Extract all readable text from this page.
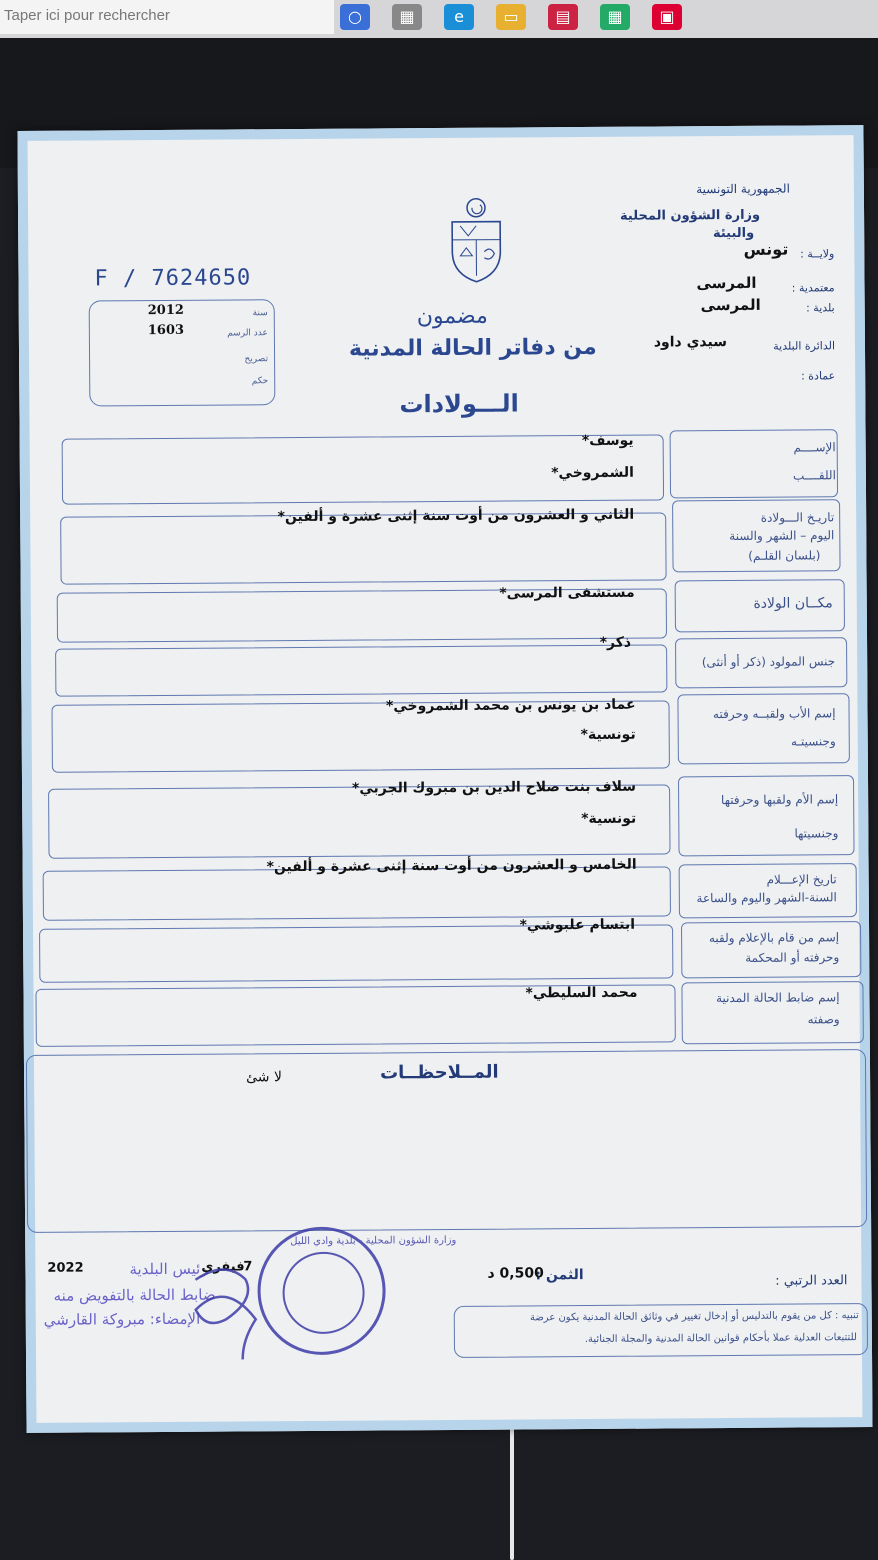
Taper ici pour rechercher	○	▦	e	▭	▤	▦	▣
الجمهورية التونسية
وزارة الشؤون المحلية
والبيئة
ولايــة :
تونس
معتمدية :
المرسى
بلدية :
المرسى
الدائرة البلدية
سيدي داود
عمادة :
F / 7624650
2012
1603
سنة
عدد الرسم
تصريح
حكم
مضمون
من دفاتر الحالة المدنية
الـــولادات
الإســــم
اللقــــب
يوسف*
الشمروخي*
تاريـخ الـــولادة
اليوم – الشهر والسنة
(بلسان القلـم)
الثاني و العشرون من أوت سنة إثنى عشرة و ألفين*
مكــان الولادة
مستشفى المرسى*
جنس المولود (ذكر أو أنثى)
ذكر*
إسم الأب ولقبــه وحرفته
وجنسيتـه
عماد بن يونس بن محمد الشمروخي*
تونسية*
إسم الأم ولقبها وحرفتها
وجنسيتها
سلاف بنت صلاح الدين بن مبروك الجربي*
تونسية*
تاريخ الإعـــلام
السنة-الشهر واليوم والساعة
الخامس و العشرون من أوت سنة إثنى عشرة و ألفين*
إسم من قام بالإعلام ولقبه
وحرفته أو المحكمة
ابتسام علبوشي*
إسم ضابط الحالة المدنية
وصفته
محمد السليطي*
المــلاحظــات
لا شئ
الثمن :
0,500 د	العدد الرتبي :
تنبيه : كل من يقوم بالتدليس أو إدخال تغيير في وثائق الحالة المدنية يكون عرضة
للتتبعات العدلية عملا بأحكام قوانين الحالة المدنية والمجلة الجنائية.
رئيس البلدية
2022	فيفري
7
ضابط الحالة بالتفويض منه
الإمضاء: مبروكة القارشي
وزارة الشؤون المحلية - بلدية وادي الليل
